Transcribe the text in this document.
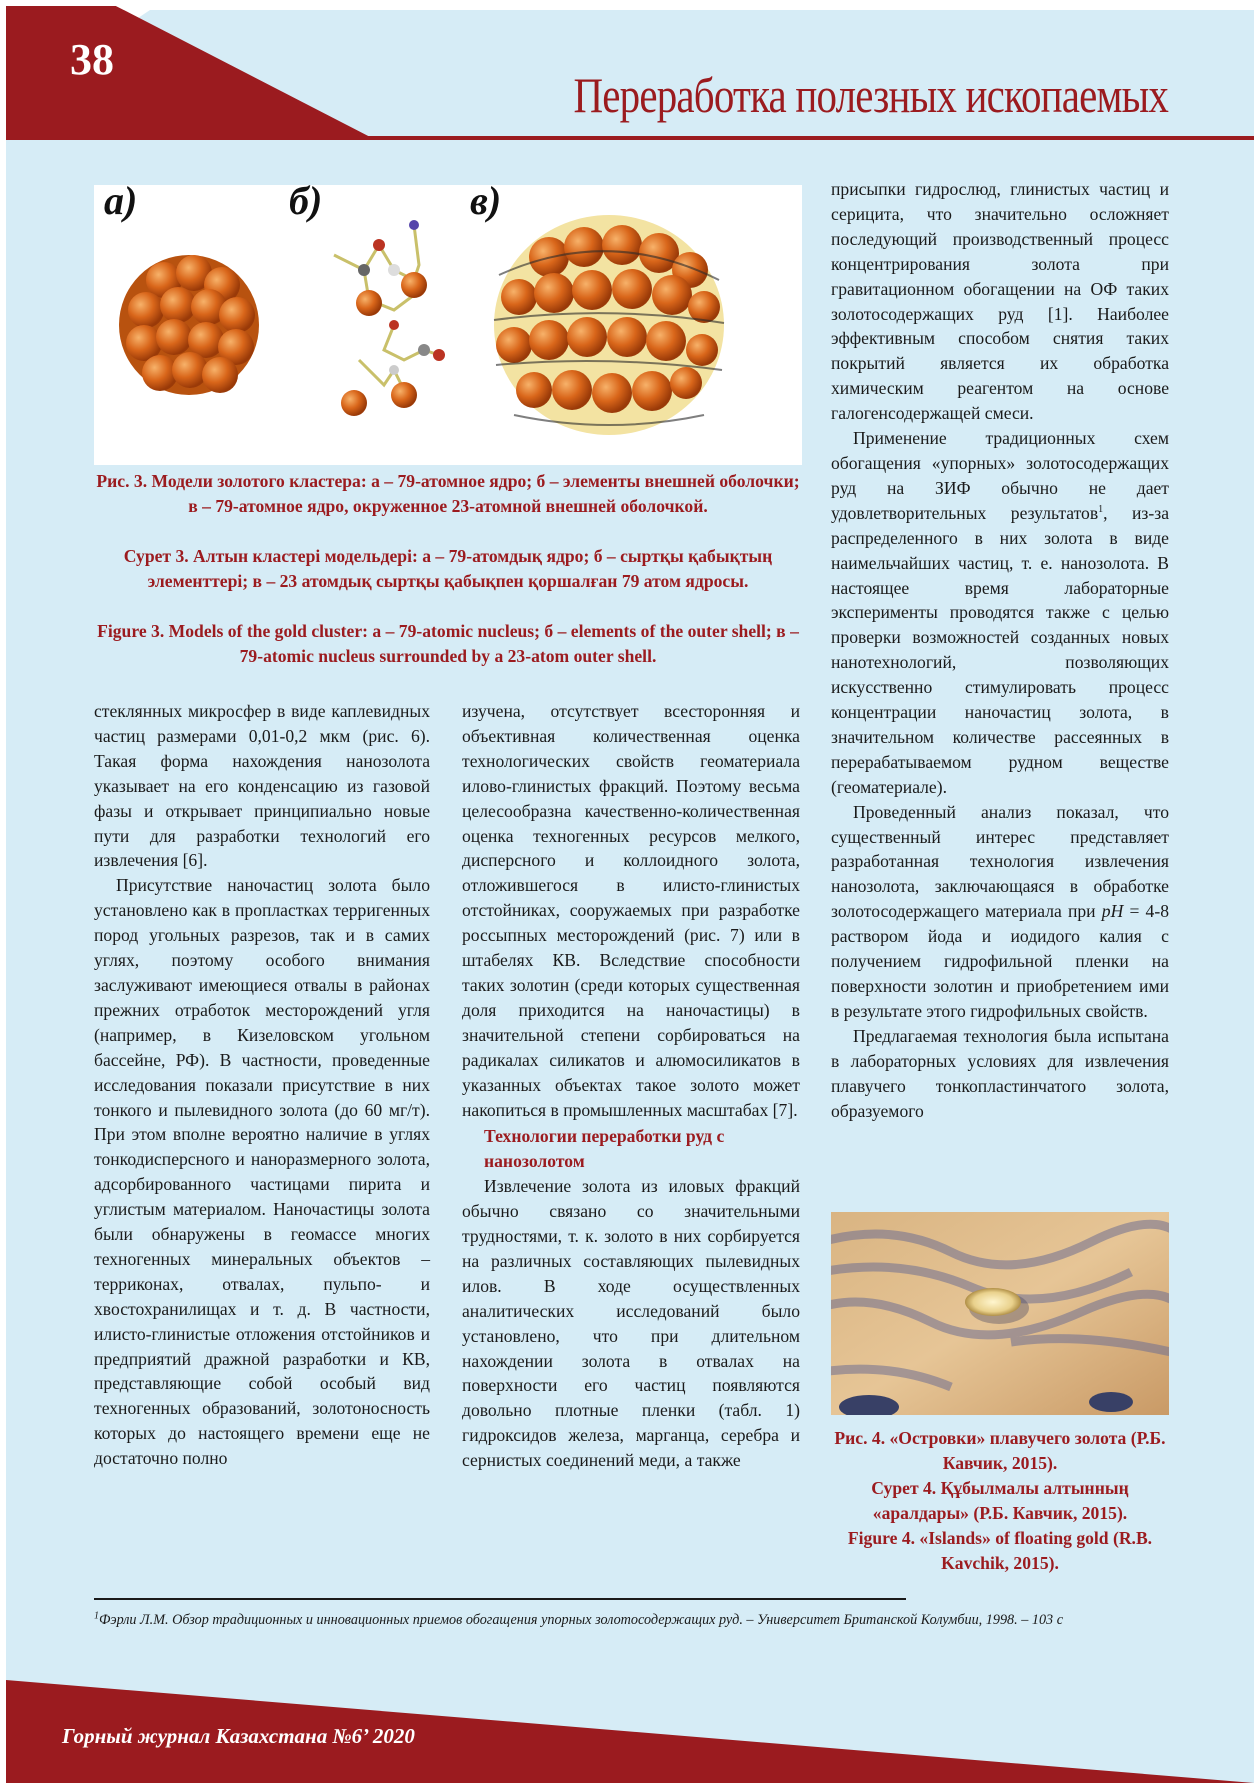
38
Переработка полезных ископаемых
а)	б)	в)
Рис. 3. Модели золотого кластера: а – 79-атомное ядро; б – элементы внешней оболочки; в – 79-атомное ядро, окруженное 23-атомной внешней оболочкой.
Сурет 3. Алтын кластері модельдері: а – 79-атомдық ядро; б – сыртқы қабықтың элементтері; в – 23 атомдық сыртқы қабықпен қоршалған 79 атом ядросы.
Figure 3. Models of the gold cluster: а – 79-atomic nucleus; б – elements of the outer shell; в – 79-atomic nucleus surrounded by a 23-atom outer shell.

стеклянных микросфер в виде каплевидных частиц размерами 0,01-0,2 мкм (рис. 6). Такая форма нахождения нанозолота указывает на его конденсацию из газовой фазы и открывает принципиально новые пути для разработки технологий его извлечения [6].

Присутствие наночастиц золота было установлено как в пропластках терригенных пород угольных разрезов, так и в самих углях, поэтому особого внимания заслуживают имеющиеся отвалы в районах прежних отработок месторождений угля (например, в Кизеловском угольном бассейне, РФ). В частности, проведенные исследования показали присутствие в них тонкого и пылевидного золота (до 60 мг/т). При этом вполне вероятно наличие в углях тонкодисперсного и наноразмерного золота, адсорбированного частицами пирита и углистым материалом. Наночастицы золота были обнаружены в геомассе многих техногенных минеральных объектов – терриконах, отвалах, пульпо- и хвостохранилищах и т. д. В частности, илисто-глинистые отложения отстойников и предприятий дражной разработки и КВ, представляющие собой особый вид техногенных образований, золотоносность которых до настоящего времени еще не достаточно полно

изучена, отсутствует всесторонняя и объективная количественная оценка технологических свойств геоматериала илово-глинистых фракций. Поэтому весьма целесообразна качественно-количественная оценка техногенных ресурсов мелкого, дисперсного и коллоидного золота, отложившегося в илисто-глинистых отстойниках, сооружаемых при разработке россыпных месторождений (рис. 7) или в штабелях КВ. Вследствие способности таких золотин (среди которых существенная доля приходится на наночастицы) в значительной степени сорбироваться на радикалах силикатов и алюмосиликатов в указанных объектах такое золото может накопиться в промышленных масштабах [7].

Технологии переработки руд с нанозолотом

Извлечение золота из иловых фракций обычно связано со значительными трудностями, т. к. золото в них сорбируется на различных составляющих пылевидных илов. В ходе осуществленных аналитических исследований было установлено, что при длительном нахождении золота в отвалах на поверхности его частиц появляются довольно плотные пленки (табл. 1) гидроксидов железа, марганца, серебра и сернистых соединений меди, а также

присыпки гидрослюд, глинистых частиц и серицита, что значительно осложняет последующий производственный процесс концентрирования золота при гравитационном обогащении на ОФ таких золотосодержащих руд [1]. Наиболее эффективным способом снятия таких покрытий является их обработка химическим реагентом на основе галогенсодержащей смеси.

Применение традиционных схем обогащения «упорных» золотосодержащих руд на ЗИФ обычно не дает удовлетворительных результатов$^1$, из-за распределенного в них золота в виде наимельчайших частиц, т. е. нанозолота. В настоящее время лабораторные эксперименты проводятся также с целью проверки возможностей созданных новых нанотехнологий, позволяющих искусственно стимулировать процесс концентрации наночастиц золота, в значительном количестве рассеянных в перерабатываемом рудном веществе (геоматериале).

Проведенный анализ показал, что существенный интерес представляет разработанная технология извлечения нанозолота, заключающаяся в обработке золотосодержащего материала при pH = 4-8 раствором йода и иодидого калия с получением гидрофильной пленки на поверхности золотин и приобретением ими в результате этого гидрофильных свойств.

Предлагаемая технология была испытана в лабораторных условиях для извлечения плавучего тонкопластинчатого золота, образуемого

Рис. 4. «Островки» плавучего золота (Р.Б. Кавчик, 2015).
Сурет 4. Құбылмалы алтынның «аралдары» (Р.Б. Кавчик, 2015).
Figure 4. «Islands» of floating gold (R.B. Kavchik, 2015).
$^1$Фэрли Л.М. Обзор традиционных и инновационных приемов обогащения упорных золотосодержащих руд. – Университет Британской Колумбии, 1998. – 103 с
Горный журнал Казахстана №6’ 2020
